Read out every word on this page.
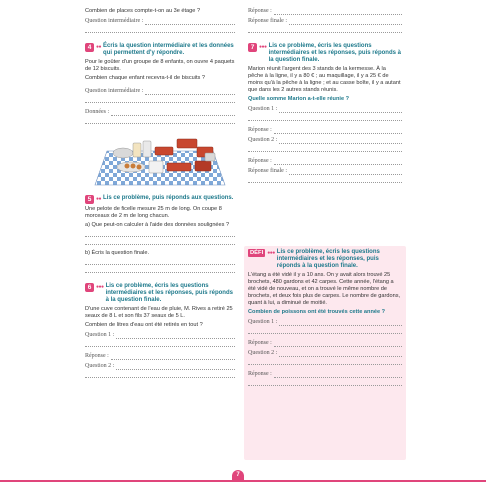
Combien de places compte-t-on au 3e étage ?
Question intermédiaire :
4 ●● Écris la question intermédiaire et les données qui permettent d'y répondre.
Pour le goûter d'un groupe de 8 enfants, on ouvre 4 paquets de 12 biscuits.
Combien chaque enfant recevra-t-il de biscuits ?
Question intermédiaire :
Données :
5 ●● Lis ce problème, puis réponds aux questions.
Une pelote de ficelle mesure 25 m de long. On coupe 8 morceaux de 2 m de long chacun.
a) Que peut-on calculer à l'aide des données soulignées ?
b) Écris la question finale.
6 ●●● Lis ce problème, écris les questions intermédiaires et les réponses, puis réponds à la question finale.
D'une cuve contenant de l'eau de pluie, M. Rives a retiré 25 seaux de 8 L et son fils 37 seaux de 5 L.
Combien de litres d'eau ont été retirés en tout ?
Question 1 :
Réponse :
Question 2 :
Réponse :
Réponse finale :
7 ●●● Lis ce problème, écris les questions intermédiaires et les réponses, puis réponds à la question finale.
Marion réunit l'argent des 3 stands de la kermesse. À la pêche à la ligne, il y a 80 € ; au maquillage, il y a 25 € de moins qu'à la pêche à la ligne ; et au casse boîte, il y a autant que dans les 2 autres stands réunis.
Quelle somme Marion a-t-elle réunie ?
Question 1 :
Réponse :
Question 2 :
Réponse :
Réponse finale :
DÉFI ●●● Lis ce problème, écris les questions intermédiaires et les réponses, puis réponds à la question finale.
L'étang a été vidé il y a 10 ans. On y avait alors trouvé 25 brochets, 480 gardons et 42 carpes. Cette année, l'étang a été vidé de nouveau, et on a trouvé le même nombre de brochets, et deux fois plus de carpes. Le nombre de gardons, quant à lui, a diminué de moitié.
Combien de poissons ont été trouvés cette année ?
Question 1 :
Réponse :
Question 2 :
Réponse :
7
